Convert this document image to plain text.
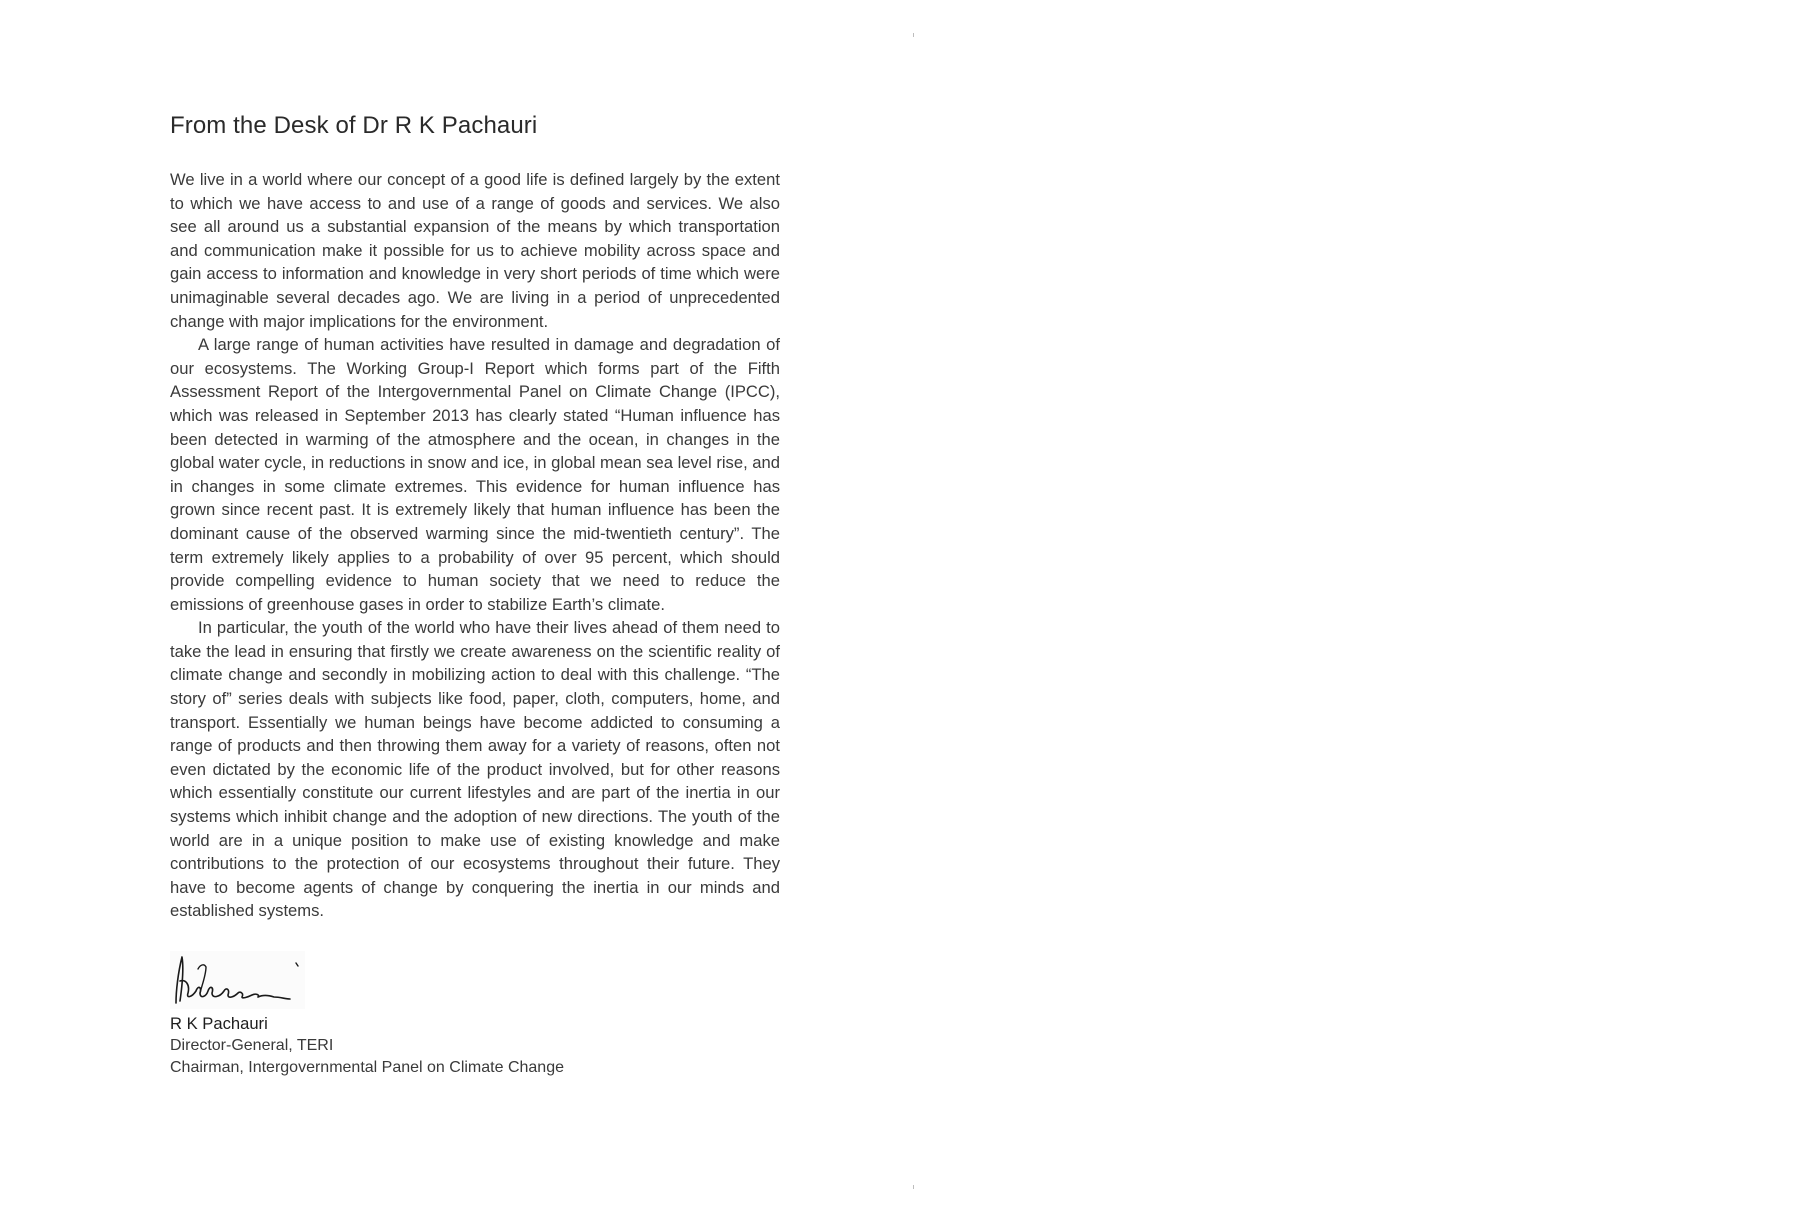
From the Desk of Dr R K Pachauri

We live in a world where our concept of a good life is defined largely by the extent to which we have access to and use of a range of goods and services. We also see all around us a substantial expansion of the means by which transportation and communication make it possible for us to achieve mobility across space and gain access to information and knowledge in very short periods of time which were unimaginable several decades ago. We are living in a period of unprecedented change with major implications for the environment.

A large range of human activities have resulted in damage and degradation of our ecosystems. The Working Group-I Report which forms part of the Fifth Assessment Report of the Intergovernmental Panel on Climate Change (IPCC), which was released in September 2013 has clearly stated “Human influence has been detected in warming of the atmosphere and the ocean, in changes in the global water cycle, in reductions in snow and ice, in global mean sea level rise, and in changes in some climate extremes. This evidence for human influence has grown since recent past. It is extremely likely that human influence has been the dominant cause of the observed warming since the mid-twentieth century”. The term extremely likely applies to a probability of over 95 percent, which should provide compelling evidence to human society that we need to reduce the emissions of greenhouse gases in order to stabilize Earth’s climate.

In particular, the youth of the world who have their lives ahead of them need to take the lead in ensuring that firstly we create awareness on the scientific reality of climate change and secondly in mobilizing action to deal with this challenge. “The story of” series deals with subjects like food, paper, cloth, computers, home, and transport. Essentially we human beings have become addicted to consuming a range of products and then throwing them away for a variety of reasons, often not even dictated by the economic life of the product involved, but for other reasons which essentially constitute our current lifestyles and are part of the inertia in our systems which inhibit change and the adoption of new directions. The youth of the world are in a unique position to make use of existing knowledge and make contributions to the protection of our ecosystems throughout their future. They have to become agents of change by conquering the inertia in our minds and established systems.

R K Pachauri
Director-General, TERI
Chairman, Intergovernmental Panel on Climate Change
